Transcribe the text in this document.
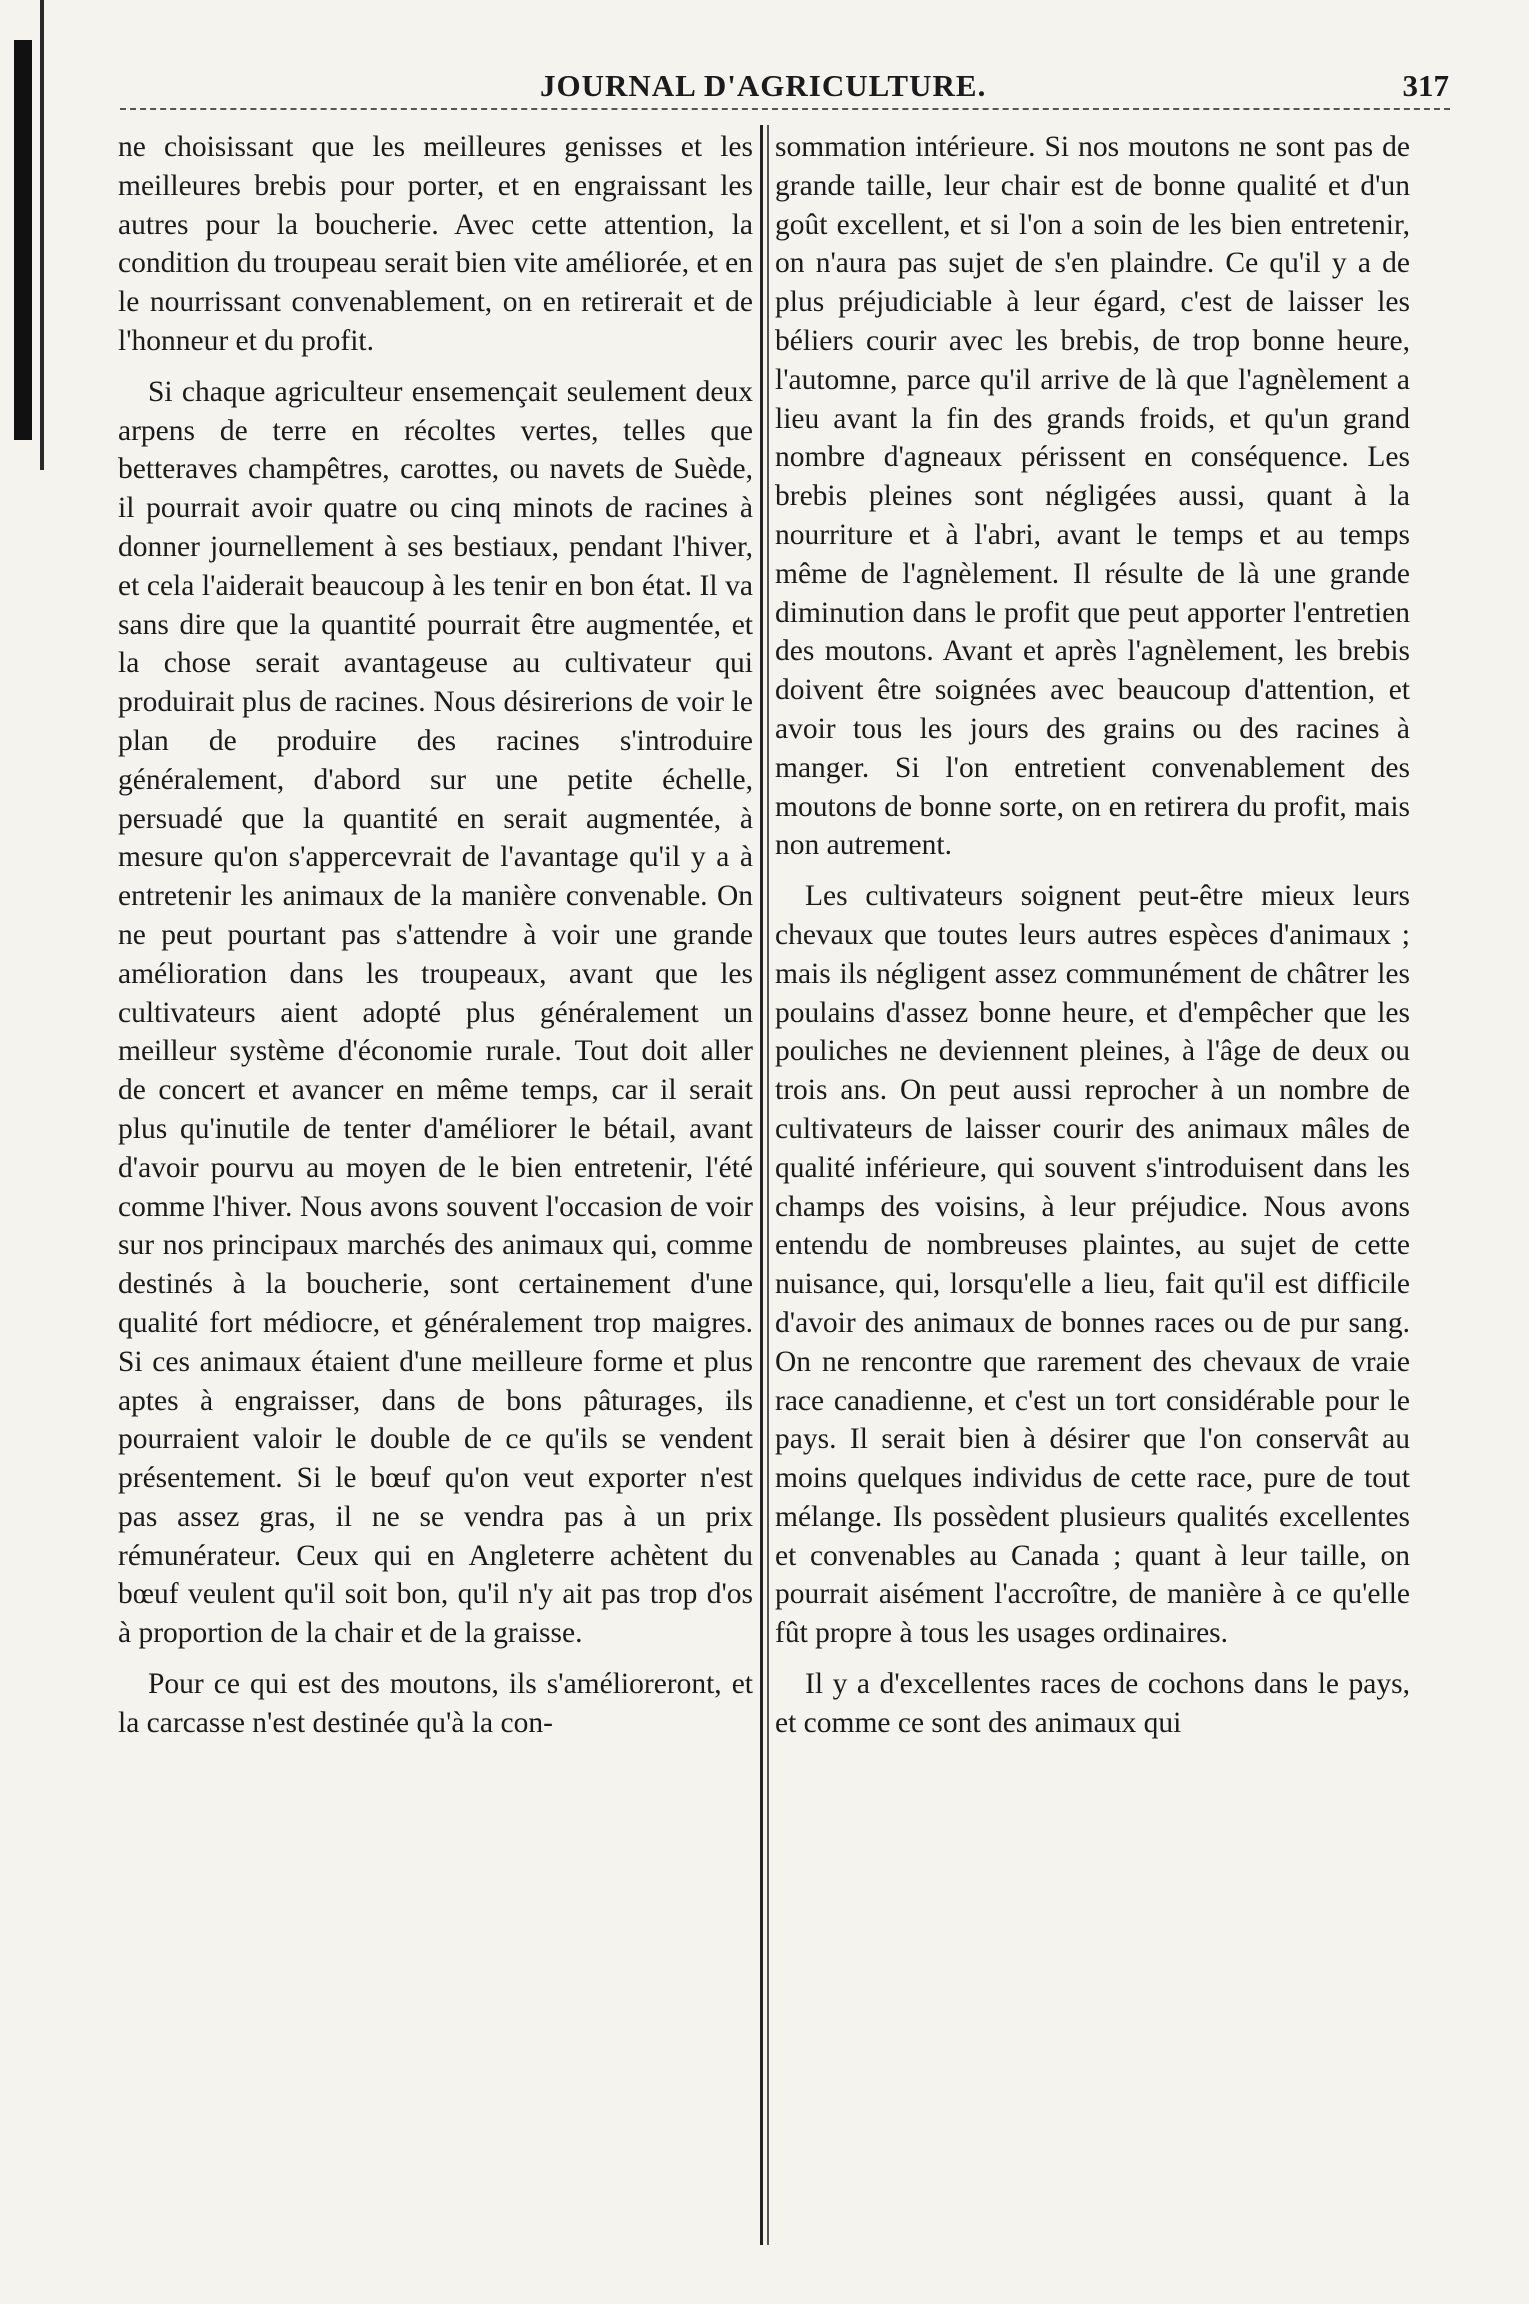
JOURNAL D'AGRICULTURE.	317

ne choisissant que les meilleures genisses et les meilleures brebis pour porter, et en engraissant les autres pour la boucherie. Avec cette attention, la condition du troupeau serait bien vite améliorée, et en le nourrissant convenablement, on en retirerait et de l'honneur et du profit.

Si chaque agriculteur ensemençait seulement deux arpens de terre en récoltes vertes, telles que betteraves champêtres, carottes, ou navets de Suède, il pourrait avoir quatre ou cinq minots de racines à donner journellement à ses bestiaux, pendant l'hiver, et cela l'aiderait beaucoup à les tenir en bon état. Il va sans dire que la quantité pourrait être augmentée, et la chose serait avantageuse au cultivateur qui produirait plus de racines. Nous désirerions de voir le plan de produire des racines s'introduire généralement, d'abord sur une petite échelle, persuadé que la quantité en serait augmentée, à mesure qu'on s'appercevrait de l'avantage qu'il y a à entretenir les animaux de la manière convenable. On ne peut pourtant pas s'attendre à voir une grande amélioration dans les troupeaux, avant que les cultivateurs aient adopté plus généralement un meilleur système d'économie rurale. Tout doit aller de concert et avancer en même temps, car il serait plus qu'inutile de tenter d'améliorer le bétail, avant d'avoir pourvu au moyen de le bien entretenir, l'été comme l'hiver. Nous avons souvent l'occasion de voir sur nos principaux marchés des animaux qui, comme destinés à la boucherie, sont certainement d'une qualité fort médiocre, et généralement trop maigres. Si ces animaux étaient d'une meilleure forme et plus aptes à engraisser, dans de bons pâturages, ils pourraient valoir le double de ce qu'ils se vendent présentement. Si le bœuf qu'on veut exporter n'est pas assez gras, il ne se vendra pas à un prix rémunérateur. Ceux qui en Angleterre achètent du bœuf veulent qu'il soit bon, qu'il n'y ait pas trop d'os à proportion de la chair et de la graisse.

Pour ce qui est des moutons, ils s'amélioreront, et la carcasse n'est destinée qu'à la con-

sommation intérieure. Si nos moutons ne sont pas de grande taille, leur chair est de bonne qualité et d'un goût excellent, et si l'on a soin de les bien entretenir, on n'aura pas sujet de s'en plaindre. Ce qu'il y a de plus préjudiciable à leur égard, c'est de laisser les béliers courir avec les brebis, de trop bonne heure, l'automne, parce qu'il arrive de là que l'agnèlement a lieu avant la fin des grands froids, et qu'un grand nombre d'agneaux périssent en conséquence. Les brebis pleines sont négligées aussi, quant à la nourriture et à l'abri, avant le temps et au temps même de l'agnèlement. Il résulte de là une grande diminution dans le profit que peut apporter l'entretien des moutons. Avant et après l'agnèlement, les brebis doivent être soignées avec beaucoup d'attention, et avoir tous les jours des grains ou des racines à manger. Si l'on entretient convenablement des moutons de bonne sorte, on en retirera du profit, mais non autrement.

Les cultivateurs soignent peut-être mieux leurs chevaux que toutes leurs autres espèces d'animaux ; mais ils négligent assez communément de châtrer les poulains d'assez bonne heure, et d'empêcher que les pouliches ne deviennent pleines, à l'âge de deux ou trois ans. On peut aussi reprocher à un nombre de cultivateurs de laisser courir des animaux mâles de qualité inférieure, qui souvent s'introduisent dans les champs des voisins, à leur préjudice. Nous avons entendu de nombreuses plaintes, au sujet de cette nuisance, qui, lorsqu'elle a lieu, fait qu'il est difficile d'avoir des animaux de bonnes races ou de pur sang. On ne rencontre que rarement des chevaux de vraie race canadienne, et c'est un tort considérable pour le pays. Il serait bien à désirer que l'on conservât au moins quelques individus de cette race, pure de tout mélange. Ils possèdent plusieurs qualités excellentes et convenables au Canada ; quant à leur taille, on pourrait aisément l'accroître, de manière à ce qu'elle fût propre à tous les usages ordinaires.

Il y a d'excellentes races de cochons dans le pays, et comme ce sont des animaux qui
